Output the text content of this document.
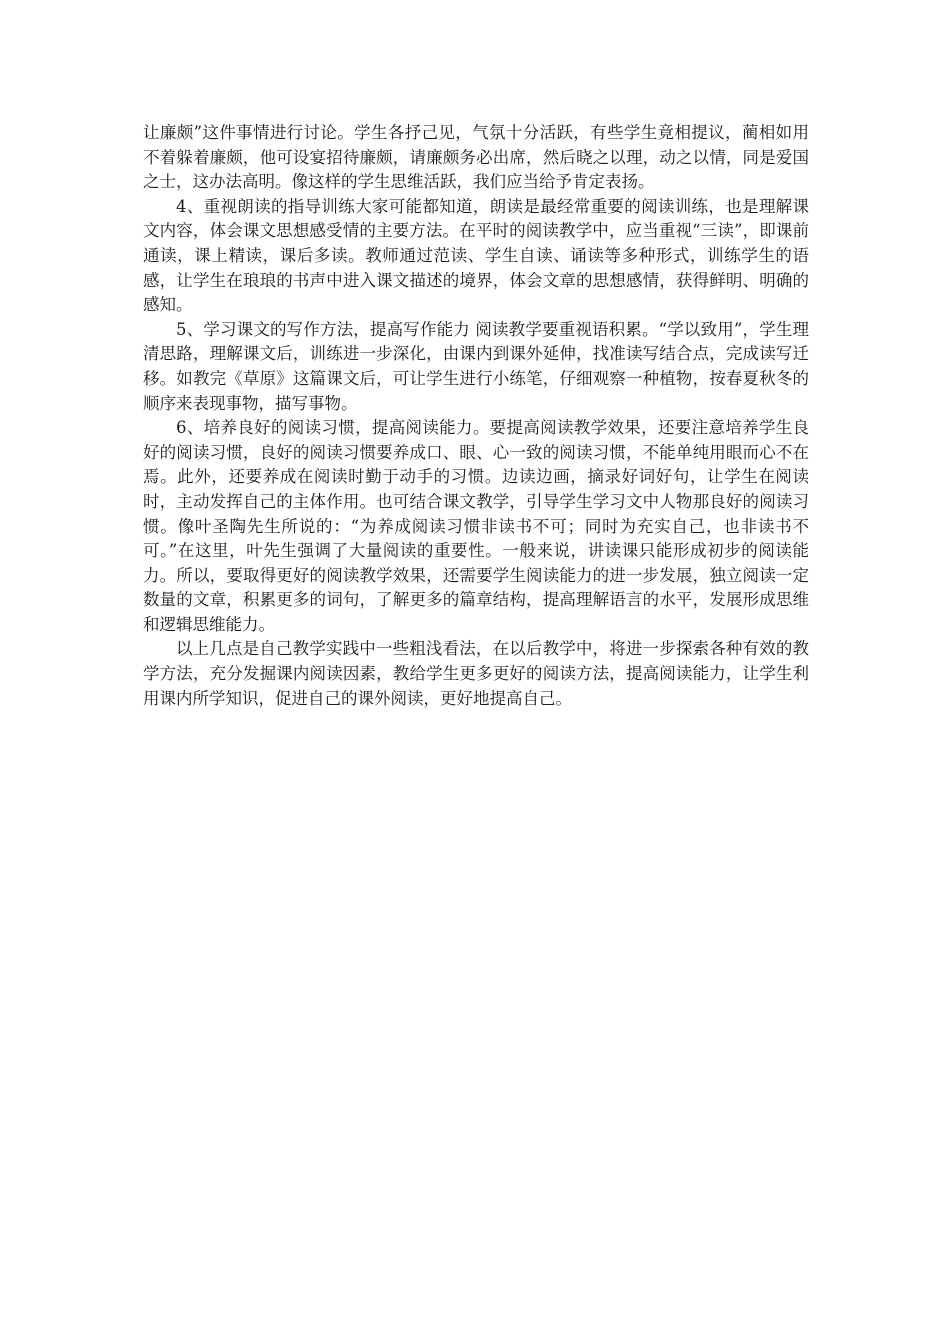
让廉颇”这件事情进行讨论。学生各抒己见，气氛十分活跃，有些学生竟相提议，蔺相如用不着躲着廉颇，他可设宴招待廉颇，请廉颇务必出席，然后晓之以理，动之以情，同是爱国之士，这办法高明。像这样的学生思维活跃，我们应当给予肯定表扬。

4、重视朗读的指导训练大家可能都知道，朗读是最经常重要的阅读训练，也是理解课文内容，体会课文思想感受情的主要方法。在平时的阅读教学中，应当重视“三读”，即课前通读，课上精读，课后多读。教师通过范读、学生自读、诵读等多种形式，训练学生的语感，让学生在琅琅的书声中进入课文描述的境界，体会文章的思想感情，获得鲜明、明确的感知。

5、学习课文的写作方法，提高写作能力 阅读教学要重视语积累。“学以致用”，学生理清思路，理解课文后，训练进一步深化，由课内到课外延伸，找准读写结合点，完成读写迁移。如教完《草原》这篇课文后，可让学生进行小练笔，仔细观察一种植物，按春夏秋冬的顺序来表现事物，描写事物。

6、培养良好的阅读习惯，提高阅读能力。要提高阅读教学效果，还要注意培养学生良好的阅读习惯，良好的阅读习惯要养成口、眼、心一致的阅读习惯，不能单纯用眼而心不在焉。此外，还要养成在阅读时勤于动手的习惯。边读边画，摘录好词好句，让学生在阅读时，主动发挥自己的主体作用。也可结合课文教学，引导学生学习文中人物那良好的阅读习惯。像叶圣陶先生所说的：“为养成阅读习惯非读书不可；同时为充实自己，也非读书不可。”在这里，叶先生强调了大量阅读的重要性。一般来说，讲读课只能形成初步的阅读能力。所以，要取得更好的阅读教学效果，还需要学生阅读能力的进一步发展，独立阅读一定数量的文章，积累更多的词句，了解更多的篇章结构，提高理解语言的水平，发展形成思维和逻辑思维能力。

以上几点是自己教学实践中一些粗浅看法，在以后教学中，将进一步探索各种有效的教学方法，充分发掘课内阅读因素，教给学生更多更好的阅读方法，提高阅读能力，让学生利用课内所学知识，促进自己的课外阅读，更好地提高自己。
